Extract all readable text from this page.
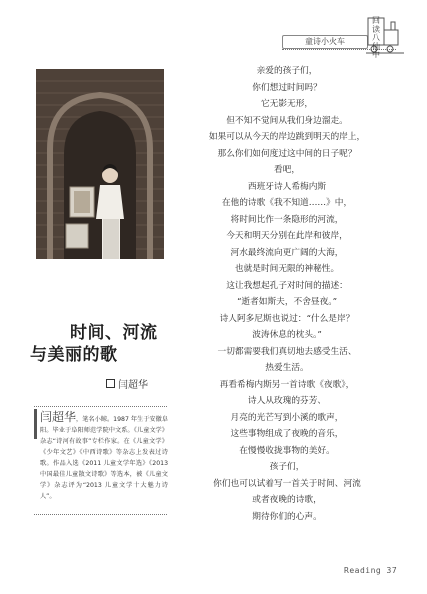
童诗小火车
回
读
八
仙
中
时间、河流
与美丽的歌
闫超华
闫超华，笔名小鲸。1987 年生于安徽阜阳。毕业于阜阳师范学院中文系。《儿童文学》杂志“诗河有故事”专栏作家。在《儿童文学》《少年文艺》《中西诗歌》等杂志上发表过诗歌。作品入选《2011 儿童文学年选》《2013 中国最佳儿童散文诗歌》等选本，被《儿童文学》杂志评为“2013 儿童文学十大魅力诗人”。
亲爱的孩子们，
你们想过时间吗？
它无影无形，
但不知不觉间从我们身边溜走。
如果可以从今天的岸边跳到明天的岸上，
那么你们如何度过这中间的日子呢？
看吧，
西班牙诗人希梅内斯
在他的诗歌《我不知道……》中，
将时间比作一条隐形的河流，
今天和明天分别在此岸和彼岸，
河水最终流向更广阔的大海，
也就是时间无限的神秘性。
这让我想起孔子对时间的描述：
“逝者如斯夫，不舍昼夜。”
诗人阿多尼斯也说过：“什么是岸？
波涛休息的枕头。”
一切都需要我们真切地去感受生活、
热爱生活。
再看希梅内斯另一首诗歌《夜歌》，
诗人从玫瑰的芬芳、
月亮的光芒写到小溪的歌声，
这些事物组成了夜晚的音乐，
在慢慢收拢事物的美好。
孩子们，
你们也可以试着写一首关于时间、河流
或者夜晚的诗歌，
期待你们的心声。
Reading 37
